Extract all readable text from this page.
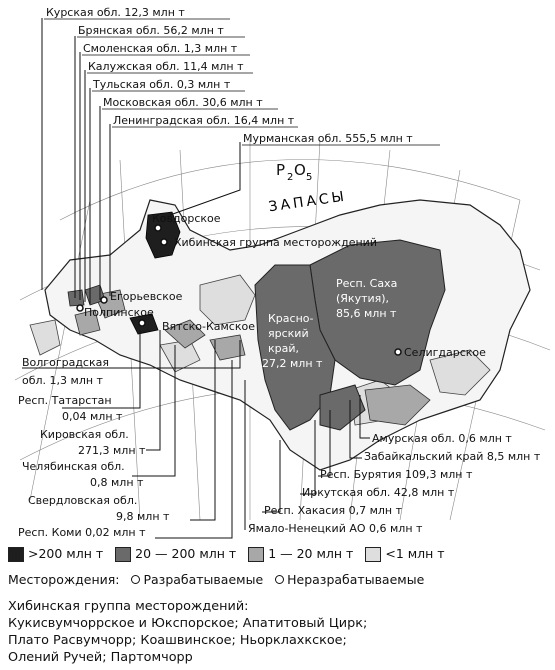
Курская обл. 12,3 млн т
Брянская обл. 56,2 млн т
Смоленская обл. 1,3 млн т
Калужская обл. 11,4 млн т
Тульская обл. 0,3 млн т
Московская обл. 30,6 млн т
Ленинградская обл. 16,4 млн т
Мурманская обл. 555,5 млн т
P 2 O 5
ЗАПАСЫ
Респ. Саха
(Якутия),
85,6 млн т
Красно-
ярский
край,
27,2 млн т
Ковдорское
Хибинская группа месторождений
Егорьевское
Полпинское
Вятско-Камское
Селигдарское
Волгоградская
обл. 1,3 млн т
Респ. Татарстан
0,04 млн т
Кировская обл.
271,3 млн т
Челябинская обл.
0,8 млн т
Свердловская обл.
9,8 млн т
Респ. Коми 0,02 млн т
Амурская обл. 0,6 млн т
Забайкальский край 8,5 млн т
Респ. Бурятия 109,3 млн т
Иркутская обл. 42,8 млн т
Респ. Хакасия 0,7 млн т
Ямало-Ненецкий АО 0,6 млн т
>200 млн т	20 — 200 млн т	1 — 20 млн т	<1 млн т
Месторождения: Разрабатываемые Неразрабатываемые
Хибинская группа месторождений:
Кукисвумчоррское и Юкспорское; Апатитовый Цирк;
Плато Расвумчорр; Коашвинское; Ньорклахкское;
Олений Ручей; Партомчорр
